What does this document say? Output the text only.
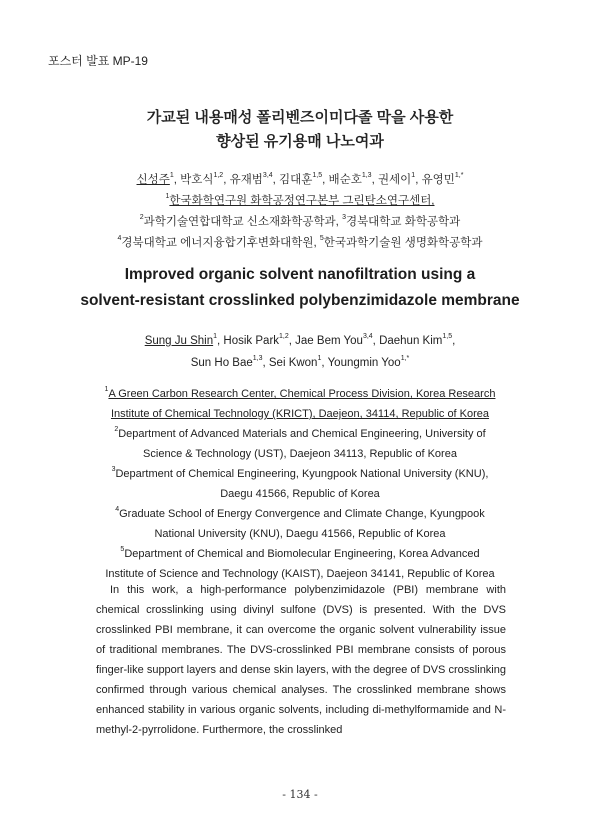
포스터 발표 MP-19
가교된 내용매성 폴리벤즈이미다졸 막을 사용한
향상된 유기용매 나노여과
신성주$^1$, 박호식$^{1,2}$, 유재범$^{3,4}$, 김대훈$^{1,5}$, 배순호$^{1,3}$, 권세이$^1$, 유영민$^{1,*}$
$^1$한국화학연구원 화학공정연구본부 그린탄소연구센터,
$^2$과학기술연합대학교 신소재화학공학과, $^3$경북대학교 화학공학과
$^4$경북대학교 에너지융합기후변화대학원, $^5$한국과학기술원 생명화학공학과
Improved organic solvent nanofiltration using a
solvent-resistant crosslinked polybenzimidazole membrane
Sung Ju Shin$^1$, Hosik Park$^{1,2}$, Jae Bem You$^{3,4}$, Daehun Kim$^{1,5}$,
Sun Ho Bae$^{1,3}$, Sei Kwon$^1$, Youngmin Yoo$^{1,*}$
$^1$A Green Carbon Research Center, Chemical Process Division, Korea Research
Institute of Chemical Technology (KRICT), Daejeon, 34114, Republic of Korea
$^2$Department of Advanced Materials and Chemical Engineering, University of
Science & Technology (UST), Daejeon 34113, Republic of Korea
$^3$Department of Chemical Engineering, Kyungpook National University (KNU),
Daegu 41566, Republic of Korea
$^4$Graduate School of Energy Convergence and Climate Change, Kyungpook
National University (KNU), Daegu 41566, Republic of Korea
$^5$Department of Chemical and Biomolecular Engineering, Korea Advanced
Institute of Science and Technology (KAIST), Daejeon 34141, Republic of Korea

In this work, a high-performance polybenzimidazole (PBI) membrane with chemical crosslinking using divinyl sulfone (DVS) is presented. With the DVS crosslinked PBI membrane, it can overcome the organic solvent vulnerability issue of traditional membranes. The DVS-crosslinked PBI membrane consists of porous finger-like support layers and dense skin layers, with the degree of DVS crosslinking confirmed through various chemical analyses. The crosslinked membrane shows enhanced stability in various organic solvents, including di-methylformamide and N-methyl-2-pyrrolidone. Furthermore, the crosslinked

- 134 -
